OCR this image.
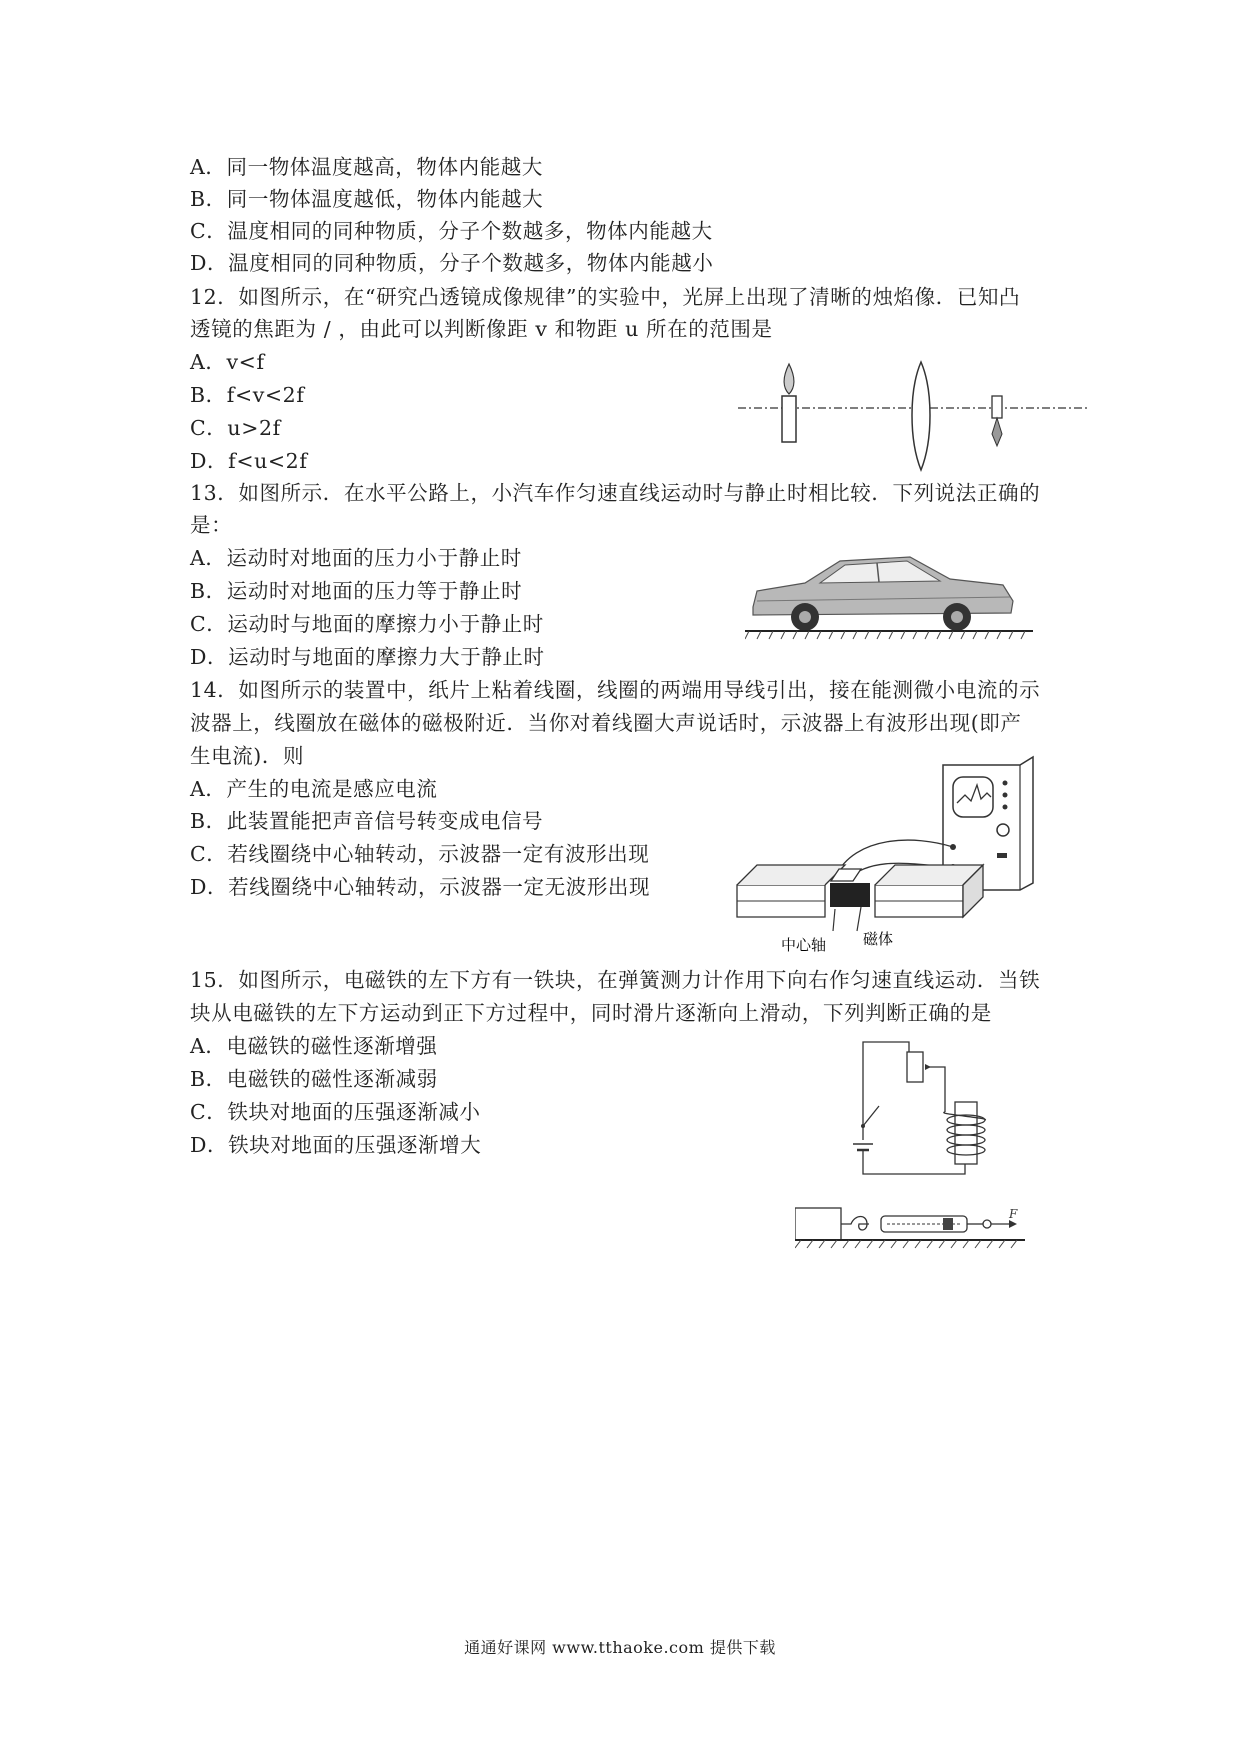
A．同一物体温度越高，物体内能越大
B．同一物体温度越低，物体内能越大
C．温度相同的同种物质，分子个数越多，物体内能越大
D．温度相同的同种物质，分子个数越多，物体内能越小
12．如图所示，在“研究凸透镜成像规律”的实验中，光屏上出现了清晰的烛焰像．已知凸
透镜的焦距为 / ，由此可以判断像距 v 和物距 u 所在的范围是
A．v<f
B．f<v<2f
C．u>2f
D．f<u<2f
13．如图所示．在水平公路上，小汽车作匀速直线运动时与静止时相比较．下列说法正确的
是：
A．运动时对地面的压力小于静止时
B．运动时对地面的压力等于静止时
C．运动时与地面的摩擦力小于静止时
D．运动时与地面的摩擦力大于静止时
14．如图所示的装置中，纸片上粘着线圈，线圈的两端用导线引出，接在能测微小电流的示
波器上，线圈放在磁体的磁极附近．当你对着线圈大声说话时，示波器上有波形出现(即产
生电流)．则
A．产生的电流是感应电流
B．此装置能把声音信号转变成电信号
C．若线圈绕中心轴转动，示波器一定有波形出现
D．若线圈绕中心轴转动，示波器一定无波形出现
中心轴 磁体
15．如图所示，电磁铁的左下方有一铁块，在弹簧测力计作用下向右作匀速直线运动．当铁
块从电磁铁的左下方运动到正下方过程中，同时滑片逐渐向上滑动，下列判断正确的是
A．电磁铁的磁性逐渐增强
B．电磁铁的磁性逐渐减弱
C．铁块对地面的压强逐渐减小
D．铁块对地面的压强逐渐增大
F
通通好课网 www.tthaoke.com 提供下载
